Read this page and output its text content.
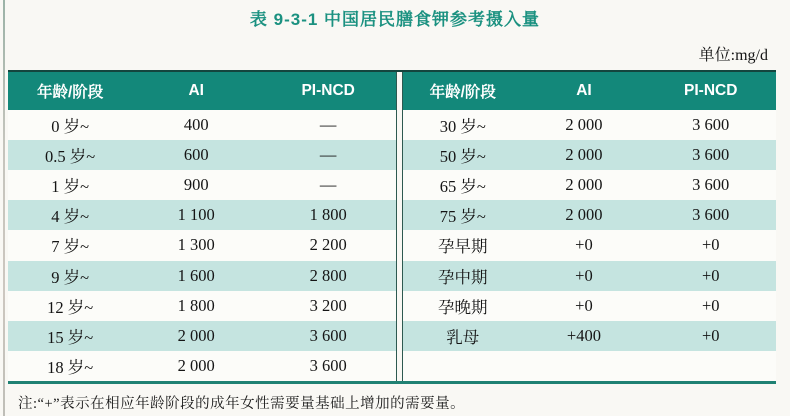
表 9-3-1 中国居民膳食钾参考摄入量
单位:mg/d
年龄/阶段	AI	PI-NCD
0 岁~	400	—
0.5 岁~	600	—
1 岁~	900	—
4 岁~	1 100	1 800
7 岁~	1 300	2 200
9 岁~	1 600	2 800
12 岁~	1 800	3 200
15 岁~	2 000	3 600
18 岁~	2 000	3 600
年龄/阶段	AI	PI-NCD
30 岁~	2 000	3 600
50 岁~	2 000	3 600
65 岁~	2 000	3 600
75 岁~	2 000	3 600
孕早期	+0	+0
孕中期	+0	+0
孕晚期	+0	+0
乳母	+400	+0
注:“+”表示在相应年龄阶段的成年女性需要量基础上增加的需要量。
